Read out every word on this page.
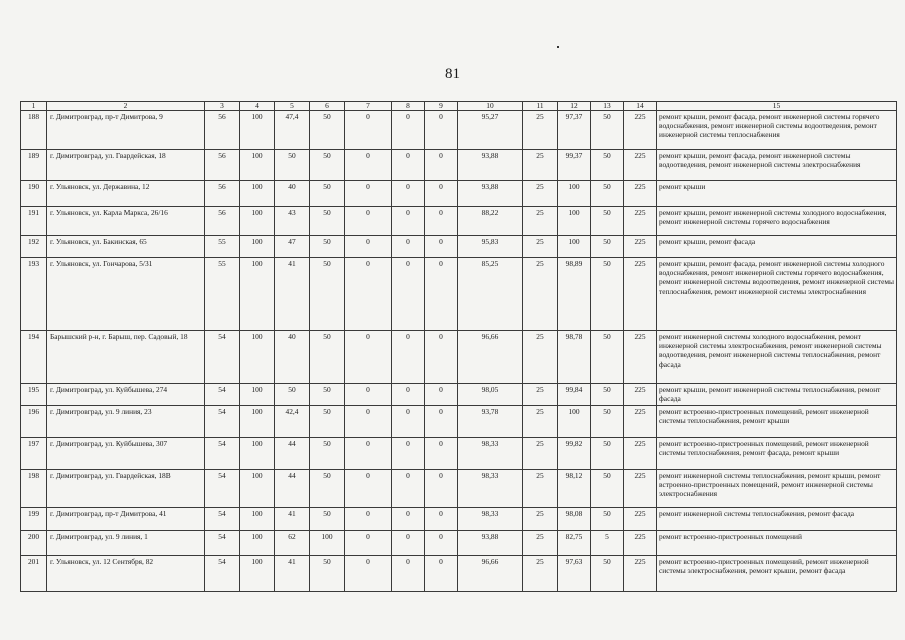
81
1	2	3	4	5	6	7	8	9	10	11	12	13	14	15
188	г. Димитровград, пр-т Димитрова, 9	56	100	47,4	50	0	0	0	95,27	25	97,37	50	225	ремонт крыши, ремонт фасада, ремонт инженерной системы горячего водоснабжения, ремонт инженерной системы водоотведения, ремонт инженерной системы теплоснабжения
189	г. Димитровград, ул. Гвардейская, 18	56	100	50	50	0	0	0	93,88	25	99,37	50	225	ремонт крыши, ремонт фасада, ремонт инженерной системы водоотведения, ремонт инженерной системы электроснабжения
190	г. Ульяновск, ул. Державина, 12	56	100	40	50	0	0	0	93,88	25	100	50	225	ремонт крыши
191	г. Ульяновск, ул. Карла Маркса, 26/16	56	100	43	50	0	0	0	88,22	25	100	50	225	ремонт крыши, ремонт инженерной системы холодного водоснабжения, ремонт инженерной системы горячего водоснабжения
192	г. Ульяновск, ул. Бакинская, 65	55	100	47	50	0	0	0	95,83	25	100	50	225	ремонт крыши, ремонт фасада
193	г. Ульяновск, ул. Гончарова, 5/31	55	100	41	50	0	0	0	85,25	25	98,89	50	225	ремонт крыши, ремонт фасада, ремонт инженерной системы холодного водоснабжения, ремонт инженерной системы горячего водоснабжения, ремонт инженерной системы водоотведения, ремонт инженерной системы теплоснабжения, ремонт инженерной системы электроснабжения
194	Барышский р-н, г. Барыш, пер. Садовый, 18	54	100	40	50	0	0	0	96,66	25	98,78	50	225	ремонт инженерной системы холодного водоснабжения, ремонт инженерной системы электроснабжения, ремонт инженерной системы водоотведения, ремонт инженерной системы теплоснабжения, ремонт фасада
195	г. Димитровград, ул. Куйбышева, 274	54	100	50	50	0	0	0	98,05	25	99,84	50	225	ремонт крыши, ремонт инженерной системы теплоснабжения, ремонт фасада
196	г. Димитровград, ул. 9 линия, 23	54	100	42,4	50	0	0	0	93,78	25	100	50	225	ремонт встроенно-пристроенных помещений, ремонт инженерной системы теплоснабжения, ремонт крыши
197	г. Димитровград, ул. Куйбышева, 307	54	100	44	50	0	0	0	98,33	25	99,82	50	225	ремонт встроенно-пристроенных помещений, ремонт инженерной системы теплоснабжения, ремонт фасада, ремонт крыши
198	г. Димитровград, ул. Гвардейская, 18В	54	100	44	50	0	0	0	98,33	25	98,12	50	225	ремонт инженерной системы теплоснабжения, ремонт крыши, ремонт встроенно-пристроенных помещений, ремонт инженерной системы электроснабжения
199	г. Димитровград, пр-т Димитрова, 41	54	100	41	50	0	0	0	98,33	25	98,08	50	225	ремонт инженерной системы теплоснабжения, ремонт фасада
200	г. Димитровград, ул. 9 линия, 1	54	100	62	100	0	0	0	93,88	25	82,75	5	225	ремонт встроенно-пристроенных помещений
201	г. Ульяновск, ул. 12 Сентября, 82	54	100	41	50	0	0	0	96,66	25	97,63	50	225	ремонт встроенно-пристроенных помещений, ремонт инженерной системы электроснабжения, ремонт крыши, ремонт фасада
